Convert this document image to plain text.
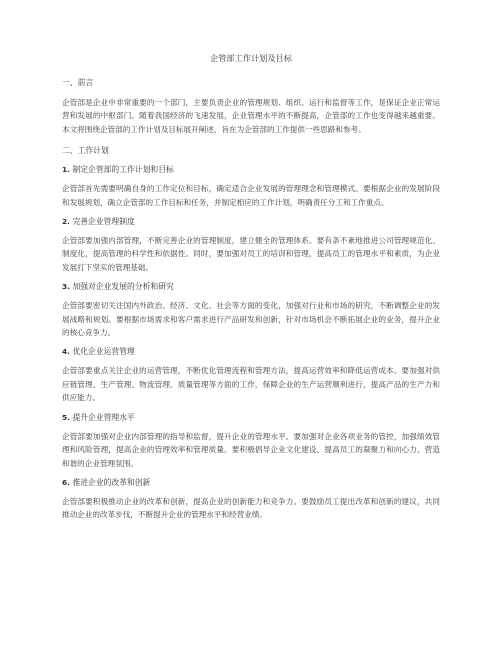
企管部工作计划及目标
一、前言
企管部是企业中非常重要的一个部门，主要负责企业的管理规划、组织、运行和监督等工作，是保证企业正常运营和发展的中枢部门。随着我国经济的飞速发展，企业管理水平的不断提高，企管部的工作也变得越来越重要。本文将围绕企管部的工作计划及目标展开阐述，旨在为企管部的工作提供一些思路和参考。
二、工作计划
1. 制定企管部的工作计划和目标
企管部首先需要明确自身的工作定位和目标，确定适合企业发展的管理理念和管理模式。要根据企业的发展阶段和发展规划，确立企管部的工作目标和任务，并制定相应的工作计划，明确责任分工和工作重点。
2. 完善企业管理制度
企管部要加强内部管理，不断完善企业的管理制度，建立健全的管理体系。要有条不紊地推进公司管理规范化、制度化，提高管理的科学性和依据性。同时，要加强对员工的培训和管理，提高员工的管理水平和素质，为企业发展打下坚实的管理基础。
3. 加强对企业发展的分析和研究
企管部要密切关注国内外政治、经济、文化、社会等方面的变化，加强对行业和市场的研究，不断调整企业的发展战略和规划。要根据市场需求和客户需求进行产品研发和创新，针对市场机会不断拓展企业的业务，提升企业的核心竞争力。
4. 优化企业运营管理
企管部要重点关注企业的运营管理，不断优化管理流程和管理方法，提高运营效率和降低运营成本。要加强对供应链管理、生产管理、物流管理、质量管理等方面的工作，保障企业的生产运营顺利进行，提高产品的生产力和供应能力。
5. 提升企业管理水平
企管部要加强对企业内部管理的指导和监督，提升企业的管理水平。要加强对企业各项业务的管控，加强绩效管理和风险管理，提高企业的管理效率和管理质量。要积极倡导企业文化建设，提高员工的凝聚力和向心力，营造和谐的企业管理氛围。
6. 推进企业的改革和创新
企管部要积极推动企业的改革和创新，提高企业的创新能力和竞争力。要鼓励员工提出改革和创新的建议，共同推动企业的改革步伐，不断提升企业的管理水平和经营业绩。
